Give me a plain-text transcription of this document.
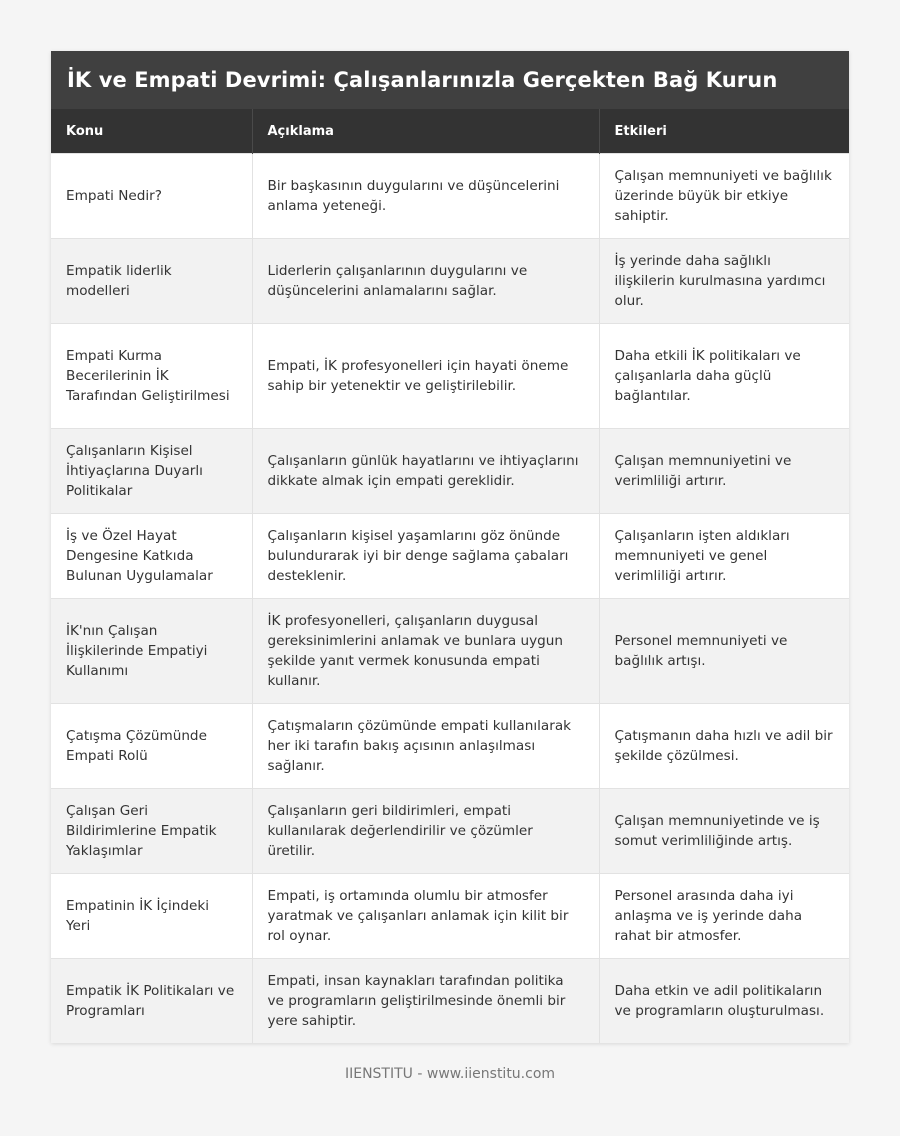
İK ve Empati Devrimi: Çalışanlarınızla Gerçekten Bağ Kurun
Konu	Açıklama	Etkileri
Empati Nedir?	Bir başkasının duygularını ve düşüncelerini anlama yeteneği.	Çalışan memnuniyeti ve bağlılık üzerinde büyük bir etkiye sahiptir.
Empatik liderlik modelleri	Liderlerin çalışanlarının duygularını ve düşüncelerini anlamalarını sağlar.	İş yerinde daha sağlıklı ilişkilerin kurulmasına yardımcı olur.
Empati Kurma Becerilerinin İK Tarafından Geliştirilmesi	Empati, İK profesyonelleri için hayati öneme sahip bir yetenektir ve geliştirilebilir.	Daha etkili İK politikaları ve çalışanlarla daha güçlü bağlantılar.
Çalışanların Kişisel İhtiyaçlarına Duyarlı Politikalar	Çalışanların günlük hayatlarını ve ihtiyaçlarını dikkate almak için empati gereklidir.	Çalışan memnuniyetini ve verimliliği artırır.
İş ve Özel Hayat Dengesine Katkıda Bulunan Uygulamalar	Çalışanların kişisel yaşamlarını göz önünde bulundurarak iyi bir denge sağlama çabaları desteklenir.	Çalışanların işten aldıkları memnuniyeti ve genel verimliliği artırır.
İK'nın Çalışan İlişkilerinde Empatiyi Kullanımı	İK profesyonelleri, çalışanların duygusal gereksinimlerini anlamak ve bunlara uygun şekilde yanıt vermek konusunda empati kullanır.	Personel memnuniyeti ve bağlılık artışı.
Çatışma Çözümünde Empati Rolü	Çatışmaların çözümünde empati kullanılarak her iki tarafın bakış açısının anlaşılması sağlanır.	Çatışmanın daha hızlı ve adil bir şekilde çözülmesi.
Çalışan Geri Bildirimlerine Empatik Yaklaşımlar	Çalışanların geri bildirimleri, empati kullanılarak değerlendirilir ve çözümler üretilir.	Çalışan memnuniyetinde ve iş somut verimliliğinde artış.
Empatinin İK İçindeki Yeri	Empati, iş ortamında olumlu bir atmosfer yaratmak ve çalışanları anlamak için kilit bir rol oynar.	Personel arasında daha iyi anlaşma ve iş yerinde daha rahat bir atmosfer.
Empatik İK Politikaları ve Programları	Empati, insan kaynakları tarafından politika ve programların geliştirilmesinde önemli bir yere sahiptir.	Daha etkin ve adil politikaların ve programların oluşturulması.
IIENSTITU - www.iienstitu.com
